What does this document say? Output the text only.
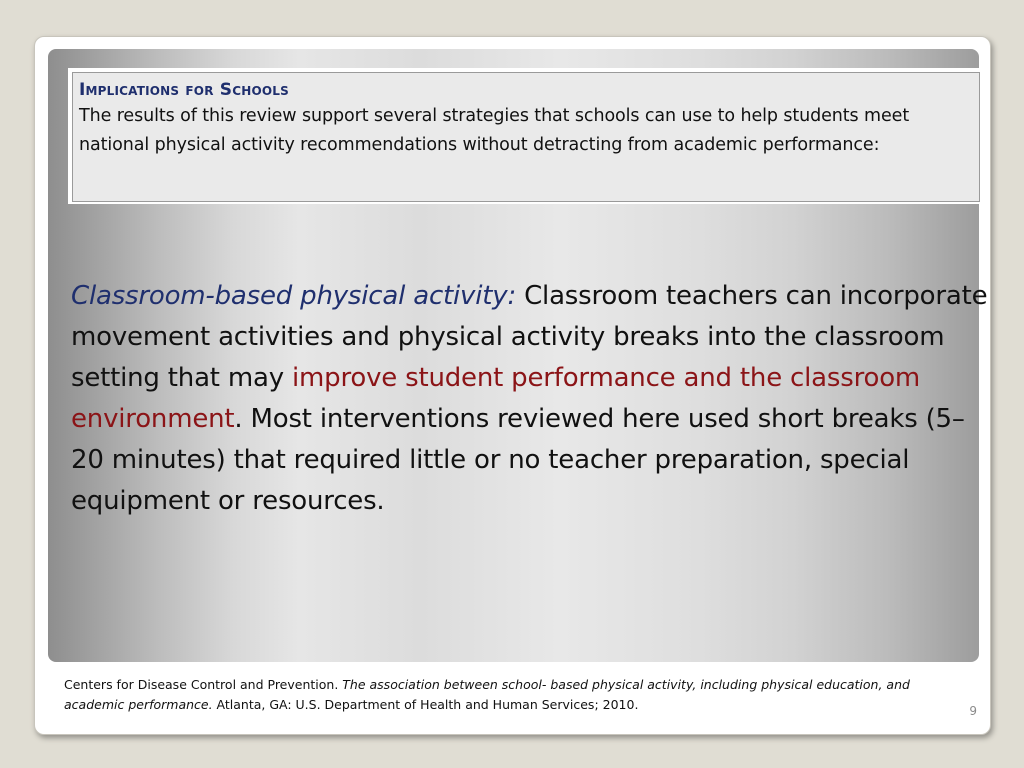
Implications for Schools
The results of this review support several strategies that schools can use to help students meet national physical activity recommendations without detracting from academic performance:
Classroom-based physical activity: Classroom teachers can incorporate movement activities and physical activity breaks into the classroom setting that may improve student performance and the classroom environment. Most interventions reviewed here used short breaks (5–20 minutes) that required little or no teacher preparation, special equipment or resources.
Centers for Disease Control and Prevention. The association between school- based physical activity, including physical education, and academic performance. Atlanta, GA: U.S. Department of Health and Human Services; 2010.	9
